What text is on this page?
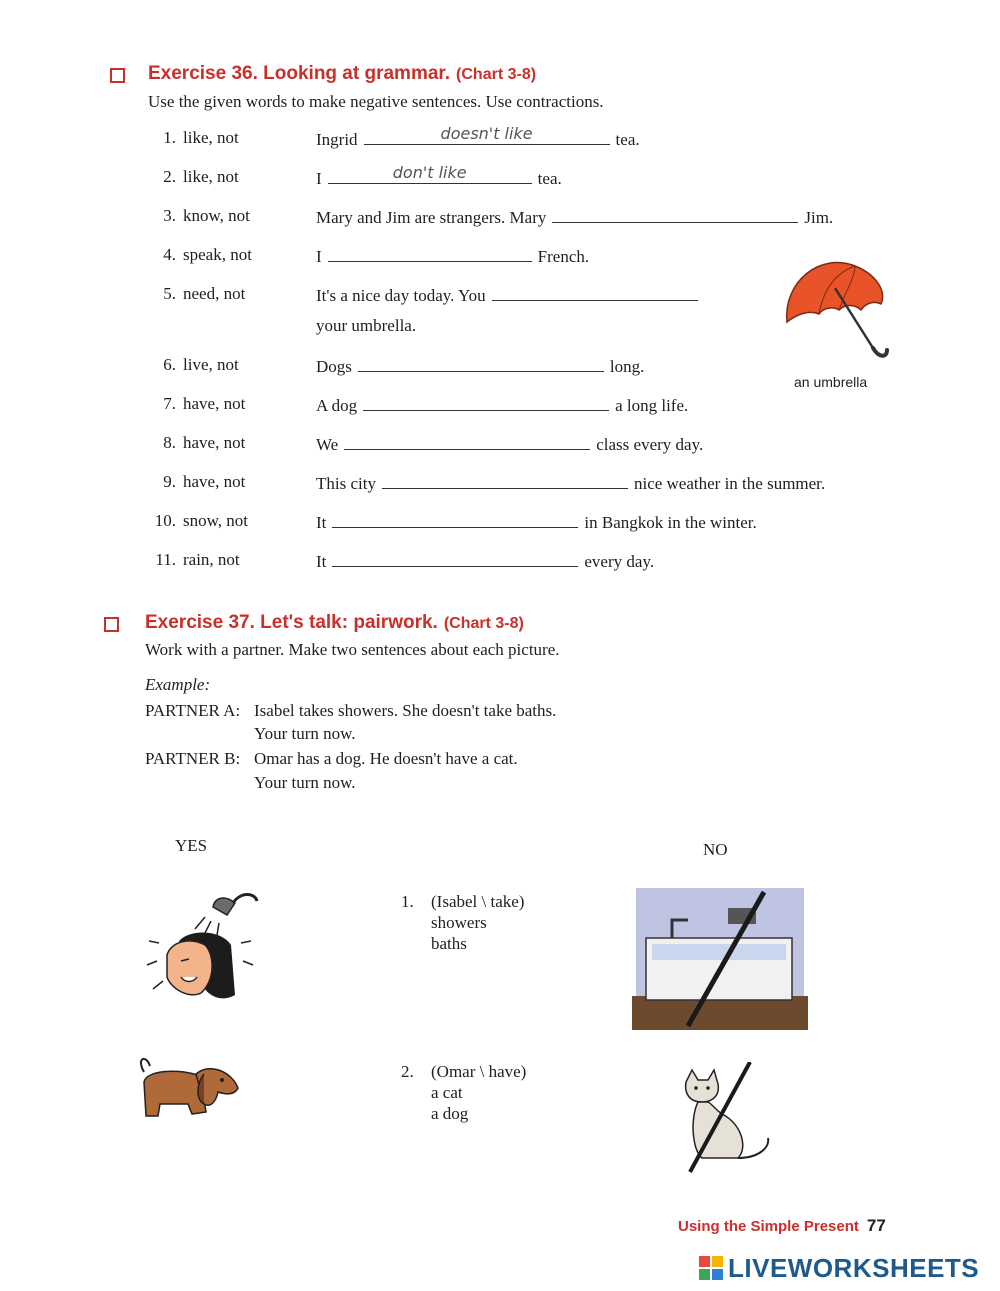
Exercise 36. Looking at grammar. (Chart 3-8)
Use the given words to make negative sentences. Use contractions.
1. like, not	Ingrid	doesn't like	tea.
2. like, not	I	don't like	tea.
3. know, not	Mary and Jim are strangers. Mary	Jim.
4. speak, not	I	French.
5. need, not	It's a nice day today. You
your umbrella.
6. live, not	Dogs	long.
7. have, not	A dog	a long life.
8. have, not	We	class every day.
9. have, not	This city	nice weather in the summer.
10. snow, not	It	in Bangkok in the winter.
11. rain, not	It	every day.
an umbrella
Exercise 37. Let's talk: pairwork. (Chart 3-8)
Work with a partner. Make two sentences about each picture.
Example:
PARTNER A: Isabel takes showers. She doesn't take baths.
Your turn now.
PARTNER B: Omar has a dog. He doesn't have a cat.
Your turn now.
YES	NO
1. (Isabel \ take)
showers
baths
2. (Omar \ have)
a cat
a dog
Using the Simple Present 77
LIVEWORKSHEETS
